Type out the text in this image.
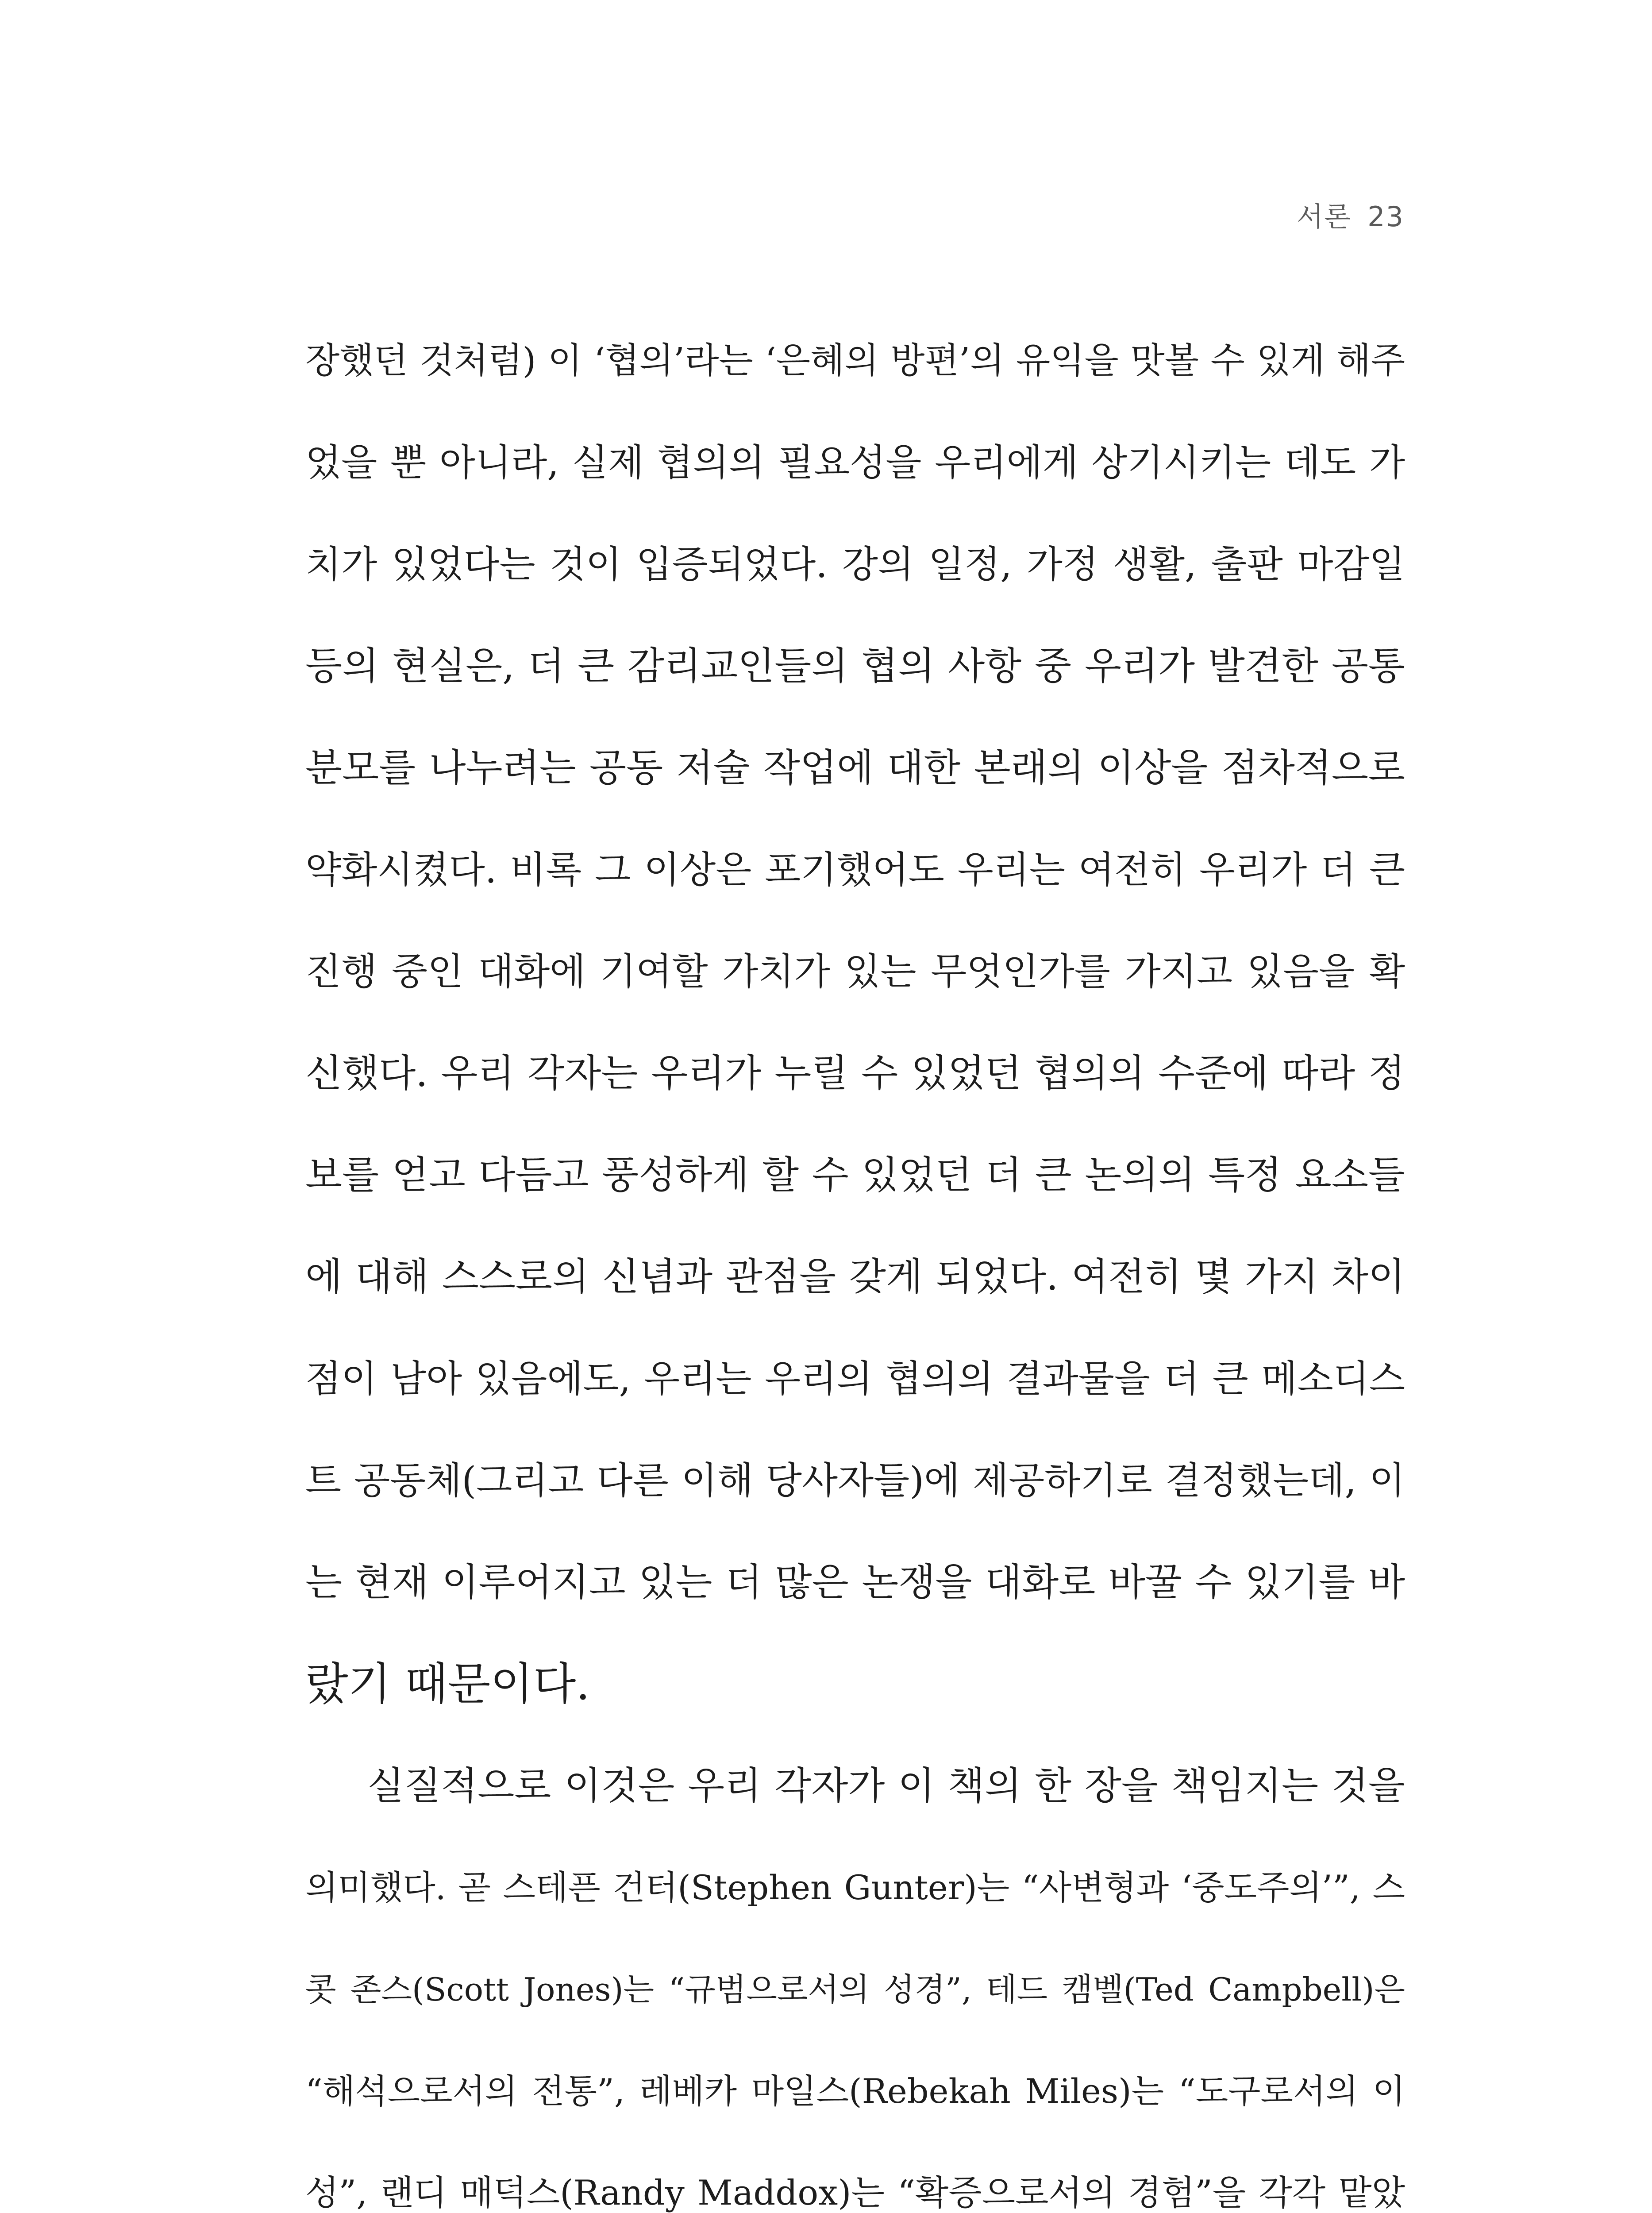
서론 23
장했던 것처럼) 이 ‘협의’라는 ‘은혜의 방편’의 유익을 맛볼 수 있게 해주
었을 뿐 아니라, 실제 협의의 필요성을 우리에게 상기시키는 데도 가
치가 있었다는 것이 입증되었다. 강의 일정, 가정 생활, 출판 마감일
등의 현실은, 더 큰 감리교인들의 협의 사항 중 우리가 발견한 공통
분모를 나누려는 공동 저술 작업에 대한 본래의 이상을 점차적으로
약화시켰다. 비록 그 이상은 포기했어도 우리는 여전히 우리가 더 큰
진행 중인 대화에 기여할 가치가 있는 무엇인가를 가지고 있음을 확
신했다. 우리 각자는 우리가 누릴 수 있었던 협의의 수준에 따라 정
보를 얻고 다듬고 풍성하게 할 수 있었던 더 큰 논의의 특정 요소들
에 대해 스스로의 신념과 관점을 갖게 되었다. 여전히 몇 가지 차이
점이 남아 있음에도, 우리는 우리의 협의의 결과물을 더 큰 메소디스
트 공동체(그리고 다른 이해 당사자들)에 제공하기로 결정했는데, 이
는 현재 이루어지고 있는 더 많은 논쟁을 대화로 바꿀 수 있기를 바
랐기 때문이다.
실질적으로 이것은 우리 각자가 이 책의 한 장을 책임지는 것을
의미했다. 곧 스테픈 건터(Stephen Gunter)는 “사변형과 ‘중도주의’”, 스
콧 존스(Scott Jones)는 “규범으로서의 성경”, 테드 캠벨(Ted Campbell)은
“해석으로서의 전통”, 레베카 마일스(Rebekah Miles)는 “도구로서의 이
성”, 랜디 매덕스(Randy Maddox)는 “확증으로서의 경험”을 각각 맡았
